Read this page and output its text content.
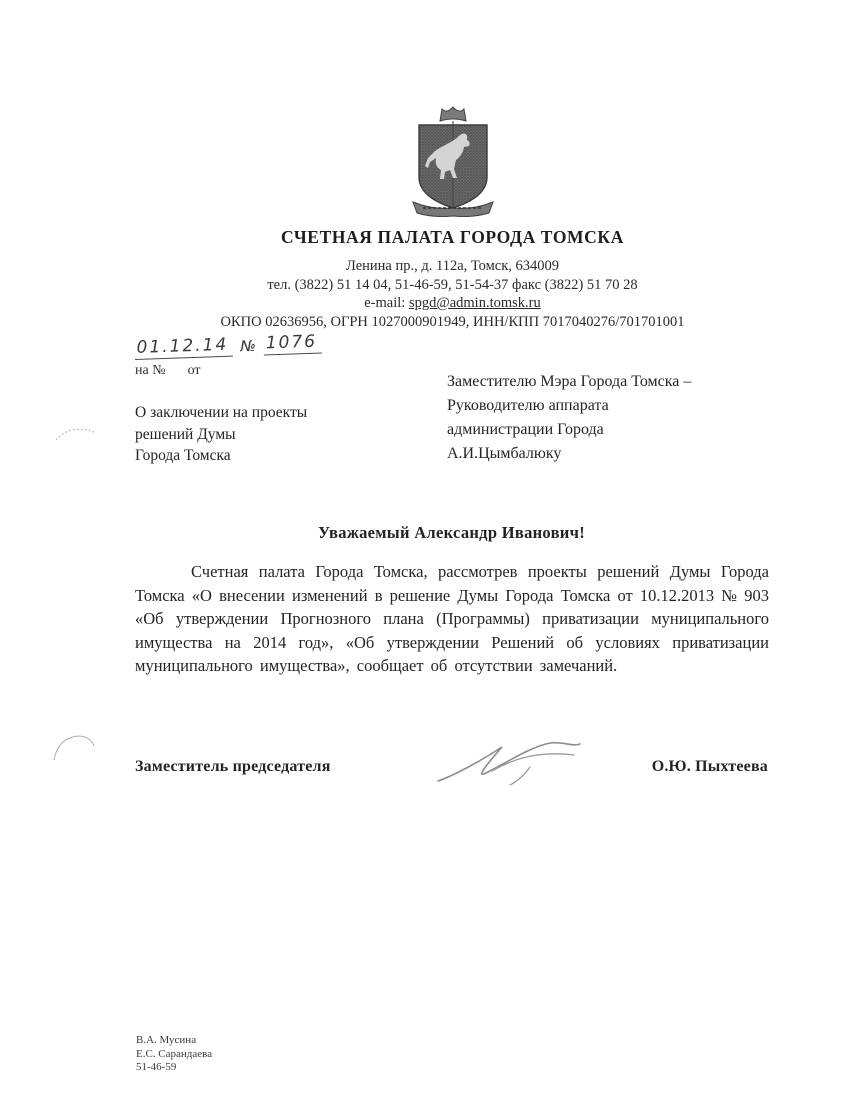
СЧЕТНАЯ ПАЛАТА ГОРОДА ТОМСКА
Ленина пр., д. 112а, Томск, 634009
тел. (3822) 51 14 04, 51-46-59, 51-54-37 факс (3822) 51 70 28
e-mail: spgd@admin.tomsk.ru
ОКПО 02636956, ОГРН 1027000901949, ИНН/КПП 7017040276/701701001
01.12.14 № 1076
на № от
О заключении на проекты
решений Думы
Города Томска
Заместителю Мэра Города Томска –
Руководителю аппарата
администрации Города
А.И.Цымбалюку
Уважаемый Александр Иванович!
Счетная палата Города Томска, рассмотрев проекты решений Думы Города Томска «О внесении изменений в решение Думы Города Томска от 10.12.2013 № 903 «Об утверждении Прогнозного плана (Программы) приватизации муниципального имущества на 2014 год», «Об утверждении Решений об условиях приватизации муниципального имущества», сообщает об отсутствии замечаний.
Заместитель председателя	О.Ю. Пыхтеева
В.А. Мусина
Е.С. Сарандаева
51-46-59
